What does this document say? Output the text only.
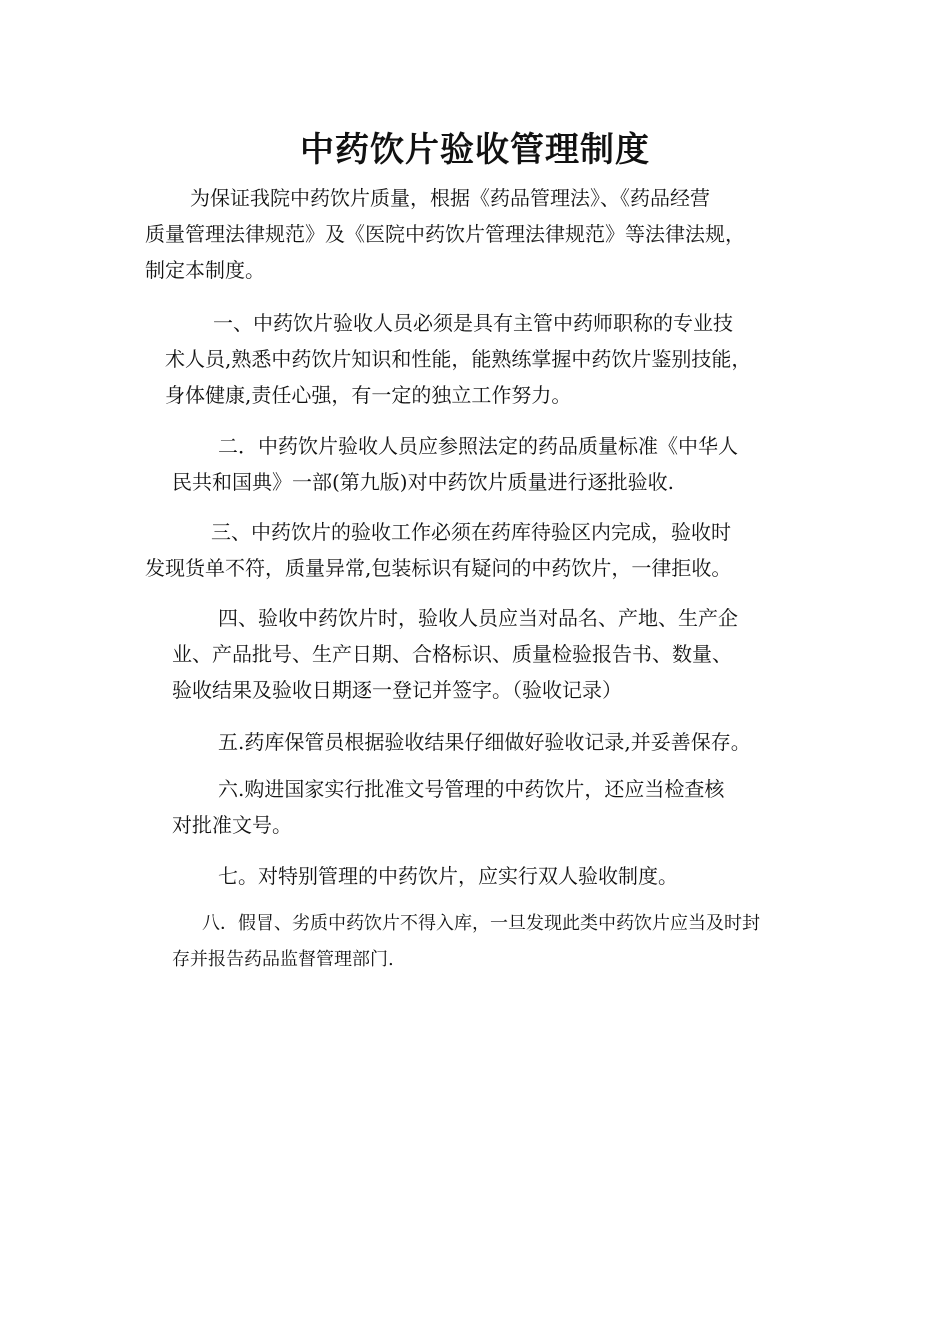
中药饮片验收管理制度
为保证我院中药饮片质量，根据《药品管理法》、《药品经营
质量管理法律规范》及《医院中药饮片管理法律规范》等法律法规，
制定本制度。
一、中药饮片验收人员必须是具有主管中药师职称的专业技
术人员,熟悉中药饮片知识和性能，能熟练掌握中药饮片鉴别技能，
身体健康,责任心强，有一定的独立工作努力。
二．中药饮片验收人员应参照法定的药品质量标准《中华人
民共和国典》一部(第九版)对中药饮片质量进行逐批验收.
三、中药饮片的验收工作必须在药库待验区内完成，验收时
发现货单不符，质量异常,包装标识有疑问的中药饮片，一律拒收。
四、验收中药饮片时，验收人员应当对品名、产地、生产企
业、产品批号、生产日期、合格标识、质量检验报告书、数量、
验收结果及验收日期逐一登记并签字。（验收记录）
五.药库保管员根据验收结果仔细做好验收记录,并妥善保存。
六.购进国家实行批准文号管理的中药饮片，还应当检查核
对批准文号。
七。对特别管理的中药饮片，应实行双人验收制度。
八．假冒、劣质中药饮片不得入库，一旦发现此类中药饮片应当及时封
存并报告药品监督管理部门.
